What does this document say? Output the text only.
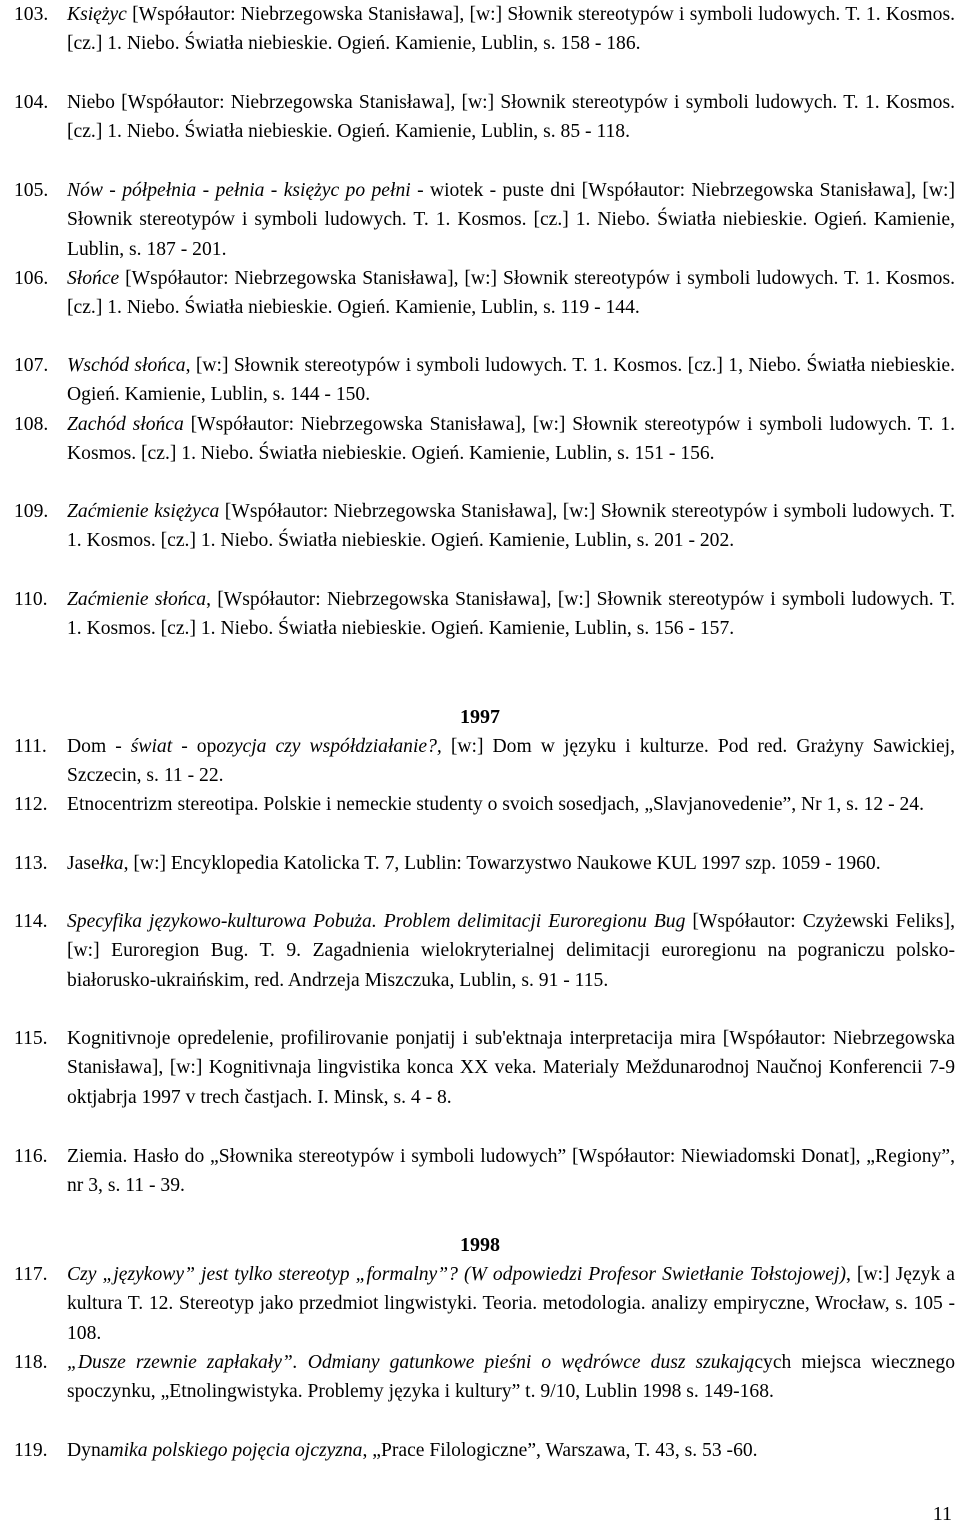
103. Księżyc [Współautor: Niebrzegowska Stanisława], [w:] Słownik stereotypów i symboli ludowych. T. 1. Kosmos. [cz.] 1. Niebo. Światła niebieskie. Ogień. Kamienie, Lublin, s. 158 - 186.
104. Niebo [Współautor: Niebrzegowska Stanisława], [w:] Słownik stereotypów i symboli ludowych. T. 1. Kosmos. [cz.] 1. Niebo. Światła niebieskie. Ogień. Kamienie, Lublin, s. 85 - 118.
105. Nów - półpełnia - pełnia - księżyc po pełni - wiotek - puste dni [Współautor: Niebrzegowska Stanisława], [w:] Słownik stereotypów i symboli ludowych. T. 1. Kosmos. [cz.] 1. Niebo. Światła niebieskie. Ogień. Kamienie, Lublin, s. 187 - 201.
106. Słońce [Współautor: Niebrzegowska Stanisława], [w:] Słownik stereotypów i symboli ludowych. T. 1. Kosmos. [cz.] 1. Niebo. Światła niebieskie. Ogień. Kamienie, Lublin, s. 119 - 144.
107. Wschód słońca, [w:] Słownik stereotypów i symboli ludowych. T. 1. Kosmos. [cz.] 1, Niebo. Światła niebieskie. Ogień. Kamienie, Lublin, s. 144 - 150.
108. Zachód słońca [Współautor: Niebrzegowska Stanisława], [w:] Słownik stereotypów i symboli ludowych. T. 1. Kosmos. [cz.] 1. Niebo. Światła niebieskie. Ogień. Kamienie, Lublin, s. 151 - 156.
109. Zaćmienie księżyca [Współautor: Niebrzegowska Stanisława], [w:] Słownik stereotypów i symboli ludowych. T. 1. Kosmos. [cz.] 1. Niebo. Światła niebieskie. Ogień. Kamienie, Lublin, s. 201 - 202.
110. Zaćmienie słońca, [Współautor: Niebrzegowska Stanisława], [w:] Słownik stereotypów i symboli ludowych. T. 1. Kosmos. [cz.] 1. Niebo. Światła niebieskie. Ogień. Kamienie, Lublin, s. 156 - 157.
1997
111. Dom - świat - opozycja czy współdziałanie?, [w:] Dom w języku i kulturze. Pod red. Grażyny Sawickiej, Szczecin, s. 11 - 22.
112. Etnocentrizm stereotipa. Polskie i nemeckie studenty o svoich sosedjach, „Slavjanovedenie”, Nr 1, s. 12 - 24.
113. Jasełka, [w:] Encyklopedia Katolicka T. 7, Lublin: Towarzystwo Naukowe KUL 1997 szp. 1059 - 1960.
114. Specyfika językowo-kulturowa Pobuża. Problem delimitacji Euroregionu Bug [Współautor: Czyżewski Feliks], [w:] Euroregion Bug. T. 9. Zagadnienia wielokryterialnej delimitacji euroregionu na pograniczu polsko-białorusko-ukraińskim, red. Andrzeja Miszczuka, Lublin, s. 91 - 115.
115. Kognitivnoje opredelenie, profilirovanie ponjatij i sub'ektnaja interpretacija mira [Współautor: Niebrzegowska Stanisława], [w:] Kognitivnaja lingvistika konca XX veka. Materialy Meždunarodnoj Naučnoj Konferencii 7-9 oktjabrja 1997 v trech častjach. I. Minsk, s. 4 - 8.
116. Ziemia. Hasło do „Słownika stereotypów i symboli ludowych” [Współautor: Niewiadomski Donat], „Regiony”, nr 3, s. 11 - 39.
1998
117. Czy „językowy” jest tylko stereotyp „formalny”? (W odpowiedzi Profesor Swietłanie Tołstojowej), [w:] Język a kultura T. 12. Stereotyp jako przedmiot lingwistyki. Teoria. metodologia. analizy empiryczne, Wrocław, s. 105 - 108.
118. „Dusze rzewnie zapłakały”. Odmiany gatunkowe pieśni o wędrówce dusz szukających miejsca wiecznego spoczynku, „Etnolingwistyka. Problemy języka i kultury” t. 9/10, Lublin 1998 s. 149-168.
119. Dynamika polskiego pojęcia ojczyzna, „Prace Filologiczne”, Warszawa, T. 43, s. 53 -60.
11
